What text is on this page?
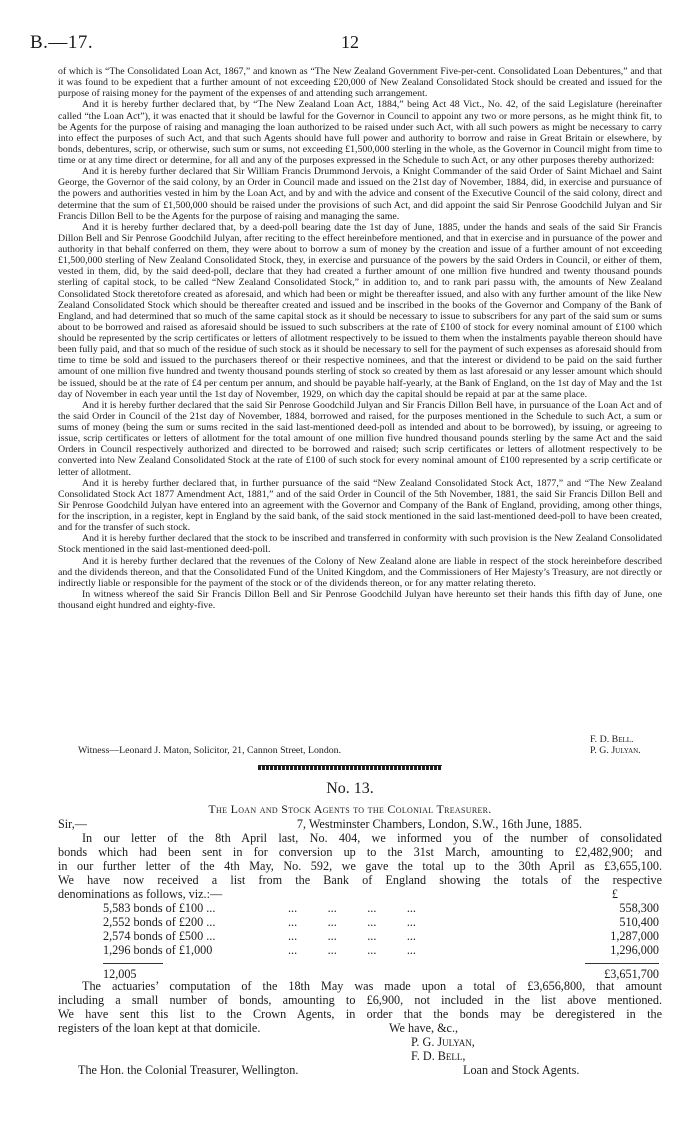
B.—17.	12

of which is “The Consolidated Loan Act, 1867,” and known as “The New Zealand Government Five-per-cent. Consolidated Loan Debentures,” and that it was found to be expedient that a further amount of not exceeding £20,000 of New Zealand Consolidated Stock should be created and issued for the purpose of raising money for the payment of the expenses of and attending such arrangement.

And it is hereby further declared that, by “The New Zealand Loan Act, 1884,” being Act 48 Vict., No. 42, of the said Legislature (hereinafter called “the Loan Act”), it was enacted that it should be lawful for the Governor in Council to appoint any two or more persons, as he might think fit, to be Agents for the purpose of raising and managing the loan authorized to be raised under such Act, with all such powers as might be necessary to carry into effect the purposes of such Act, and that such Agents should have full power and authority to borrow and raise in Great Britain or elsewhere, by bonds, debentures, scrip, or otherwise, such sum or sums, not exceeding £1,500,000 sterling in the whole, as the Governor in Council might from time to time or at any time direct or determine, for all and any of the purposes expressed in the Schedule to such Act, or any other purposes thereby authorized:

And it is hereby further declared that Sir William Francis Drummond Jervois, a Knight Commander of the said Order of Saint Michael and Saint George, the Governor of the said colony, by an Order in Council made and issued on the 21st day of November, 1884, did, in exercise and pursuance of the powers and authorities vested in him by the Loan Act, and by and with the advice and consent of the Executive Council of the said colony, direct and determine that the sum of £1,500,000 should be raised under the provisions of such Act, and did appoint the said Sir Penrose Goodchild Julyan and Sir Francis Dillon Bell to be the Agents for the purpose of raising and managing the same.

And it is hereby further declared that, by a deed-poll bearing date the 1st day of June, 1885, under the hands and seals of the said Sir Francis Dillon Bell and Sir Penrose Goodchild Julyan, after reciting to the effect hereinbefore mentioned, and that in exercise and in pursuance of the power and authority in that behalf conferred on them, they were about to borrow a sum of money by the creation and issue of a further amount of not exceeding £1,500,000 sterling of New Zealand Consolidated Stock, they, in exercise and pursuance of the powers by the said Orders in Council, or either of them, vested in them, did, by the said deed-poll, declare that they had created a further amount of one million five hundred and twenty thousand pounds sterling of capital stock, to be called “New Zealand Consolidated Stock,” in addition to, and to rank pari passu with, the amounts of New Zealand Consolidated Stock theretofore created as aforesaid, and which had been or might be thereafter issued, and also with any further amount of the like New Zealand Consolidated Stock which should be thereafter created and issued and be inscribed in the books of the Governor and Company of the Bank of England, and had determined that so much of the same capital stock as it should be necessary to issue to subscribers for any part of the said sum or sums about to be borrowed and raised as aforesaid should be issued to such subscribers at the rate of £100 of stock for every nominal amount of £100 which should be represented by the scrip certificates or letters of allotment respectively to be issued to them when the instalments payable thereon should have been fully paid, and that so much of the residue of such stock as it should be necessary to sell for the payment of such expenses as aforesaid should from time to time be sold and issued to the purchasers thereof or their respective nominees, and that the interest or dividend to be paid on the said further amount of one million five hundred and twenty thousand pounds sterling of stock so created by them as last aforesaid or any lesser amount which should be issued, should be at the rate of £4 per centum per annum, and should be payable half-yearly, at the Bank of England, on the 1st day of May and the 1st day of November in each year until the 1st day of November, 1929, on which day the capital should be repaid at par at the same place.

And it is hereby further declared that the said Sir Penrose Goodchild Julyan and Sir Francis Dillon Bell have, in pursuance of the Loan Act and of the said Order in Council of the 21st day of November, 1884, borrowed and raised, for the purposes mentioned in the Schedule to such Act, a sum or sums of money (being the sum or sums recited in the said last-mentioned deed-poll as intended and about to be borrowed), by issuing, or agreeing to issue, scrip certificates or letters of allotment for the total amount of one million five hundred thousand pounds sterling by the same Act and the said Orders in Council respectively authorized and directed to be borrowed and raised; such scrip certificates or letters of allotment respectively to be converted into New Zealand Consolidated Stock at the rate of £100 of such stock for every nominal amount of £100 represented by a scrip certificate or letter of allotment.

And it is hereby further declared that, in further pursuance of the said “New Zealand Consolidated Stock Act, 1877,” and “The New Zealand Consolidated Stock Act 1877 Amendment Act, 1881,” and of the said Order in Council of the 5th November, 1881, the said Sir Francis Dillon Bell and Sir Penrose Goodchild Julyan have entered into an agreement with the Governor and Company of the Bank of England, providing, among other things, for the inscription, in a register, kept in England by the said bank, of the said stock mentioned in the said last-mentioned deed-poll to have been created, and for the transfer of such stock.

And it is hereby further declared that the stock to be inscribed and transferred in conformity with such provision is the New Zealand Consolidated Stock mentioned in the said last-mentioned deed-poll.

And it is hereby further declared that the revenues of the Colony of New Zealand alone are liable in respect of the stock hereinbefore described and the dividends thereon, and that the Consolidated Fund of the United Kingdom, and the Commissioners of Her Majesty’s Treasury, are not directly or indirectly liable or responsible for the payment of the stock or of the dividends thereon, or for any matter relating thereto.

In witness whereof the said Sir Francis Dillon Bell and Sir Penrose Goodchild Julyan have hereunto set their hands this fifth day of June, one thousand eight hundred and eighty-five.

F. D. Bell.
Witness—Leonard J. Maton, Solicitor, 21, Cannon Street, London.	P. G. Julyan.
No. 13.
The Loan and Stock Agents to the Colonial Treasurer.
Sir,—	7, Westminster Chambers, London, S.W., 16th June, 1885.
In our letter of the 8th April last, No. 404, we informed you of the number of consolidated
bonds which had been sent in for conversion up to the 31st March, amounting to £2,482,900; and
in our further letter of the 4th May, No. 592, we gave the total up to the 30th April as £3,655,100.
We have now received a list from the Bank of England showing the totals of the respective
denominations as follows, viz.:—	£
5,583 bonds of £100 ...	...          ...          ...          ...	558,300
2,552 bonds of £200 ...	...          ...          ...          ...	510,400
2,574 bonds of £500 ...	...          ...          ...          ...	1,287,000
1,296 bonds of £1,000	...          ...          ...          ...	1,296,000
12,005	£3,651,700
The actuaries’ computation of the 18th May was made upon a total of £3,656,800, that amount
including a small number of bonds, amounting to £6,900, not included in the list above mentioned.
We have sent this list to the Crown Agents, in order that the bonds may be deregistered in the
registers of the loan kept at that domicile.	We have, &c.,
P. G. Julyan,
F. D. Bell,
The Hon. the Colonial Treasurer, Wellington.	Loan and Stock Agents.
